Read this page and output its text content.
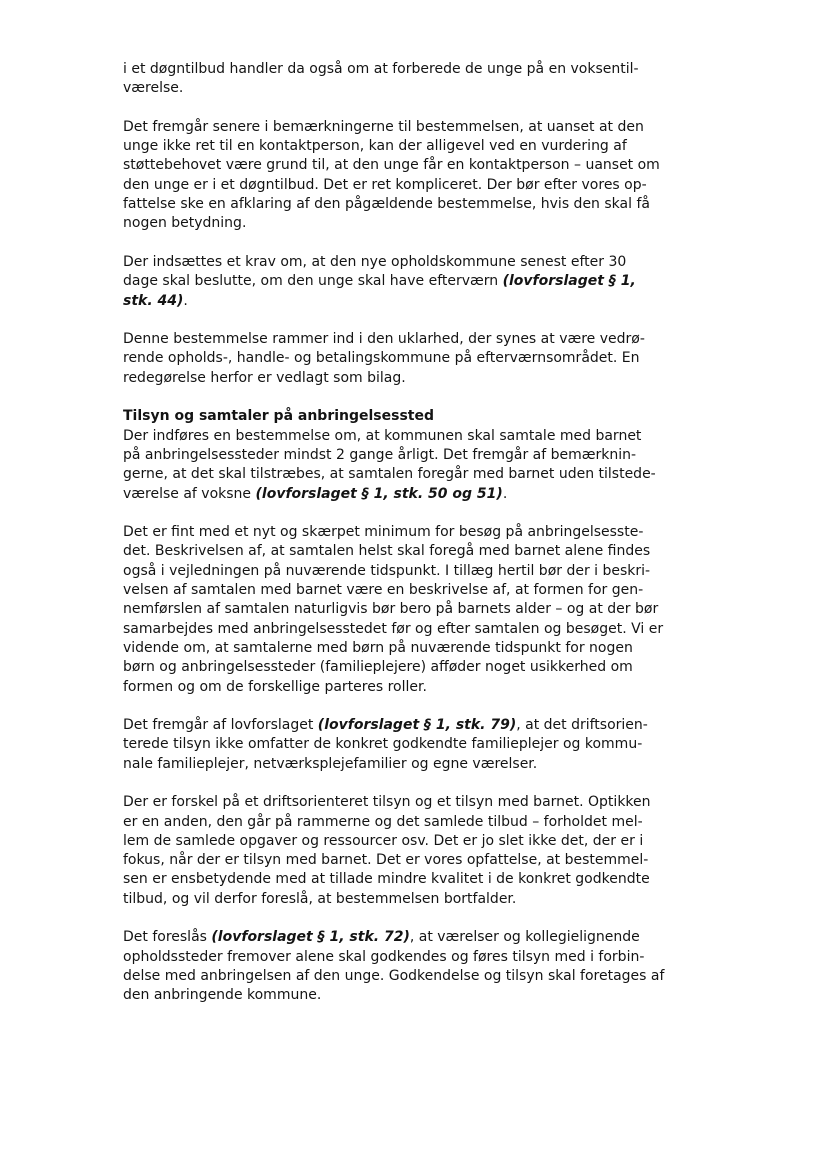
i et døgntilbud handler da også om at forberede de unge på en voksentil-
værelse.
Det fremgår senere i bemærkningerne til bestemmelsen, at uanset at den
unge ikke ret til en kontaktperson, kan der alligevel ved en vurdering af
støttebehovet være grund til, at den unge får en kontaktperson – uanset om
den unge er i et døgntilbud. Det er ret kompliceret. Der bør efter vores op-
fattelse ske en afklaring af den pågældende bestemmelse, hvis den skal få
nogen betydning.
Der indsættes et krav om, at den nye opholdskommune senest efter 30
dage skal beslutte, om den unge skal have efterværn (lovforslaget § 1,
stk. 44).
Denne bestemmelse rammer ind i den uklarhed, der synes at være vedrø-
rende opholds-, handle- og betalingskommune på efterværnsområdet. En
redegørelse herfor er vedlagt som bilag.
Tilsyn og samtaler på anbringelsessted
Der indføres en bestemmelse om, at kommunen skal samtale med barnet
på anbringelsessteder mindst 2 gange årligt. Det fremgår af bemærknin-
gerne, at det skal tilstræbes, at samtalen foregår med barnet uden tilstede-
værelse af voksne (lovforslaget § 1, stk. 50 og 51).
Det er fint med et nyt og skærpet minimum for besøg på anbringelsesste-
det. Beskrivelsen af, at samtalen helst skal foregå med barnet alene findes
også i vejledningen på nuværende tidspunkt. I tillæg hertil bør der i beskri-
velsen af samtalen med barnet være en beskrivelse af, at formen for gen-
nemførslen af samtalen naturligvis bør bero på barnets alder – og at der bør
samarbejdes med anbringelsesstedet før og efter samtalen og besøget. Vi er
vidende om, at samtalerne med børn på nuværende tidspunkt for nogen
børn og anbringelsessteder (familieplejere) afføder noget usikkerhed om
formen og om de forskellige parteres roller.
Det fremgår af lovforslaget (lovforslaget § 1, stk. 79), at det driftsorien-
terede tilsyn ikke omfatter de konkret godkendte familieplejer og kommu-
nale familieplejer, netværksplejefamilier og egne værelser.
Der er forskel på et driftsorienteret tilsyn og et tilsyn med barnet. Optikken
er en anden, den går på rammerne og det samlede tilbud – forholdet mel-
lem de samlede opgaver og ressourcer osv. Det er jo slet ikke det, der er i
fokus, når der er tilsyn med barnet. Det er vores opfattelse, at bestemmel-
sen er ensbetydende med at tillade mindre kvalitet i de konkret godkendte
tilbud, og vil derfor foreslå, at bestemmelsen bortfalder.
Det foreslås (lovforslaget § 1, stk. 72), at værelser og kollegielignende
opholdssteder fremover alene skal godkendes og føres tilsyn med i forbin-
delse med anbringelsen af den unge. Godkendelse og tilsyn skal foretages af
den anbringende kommune.
